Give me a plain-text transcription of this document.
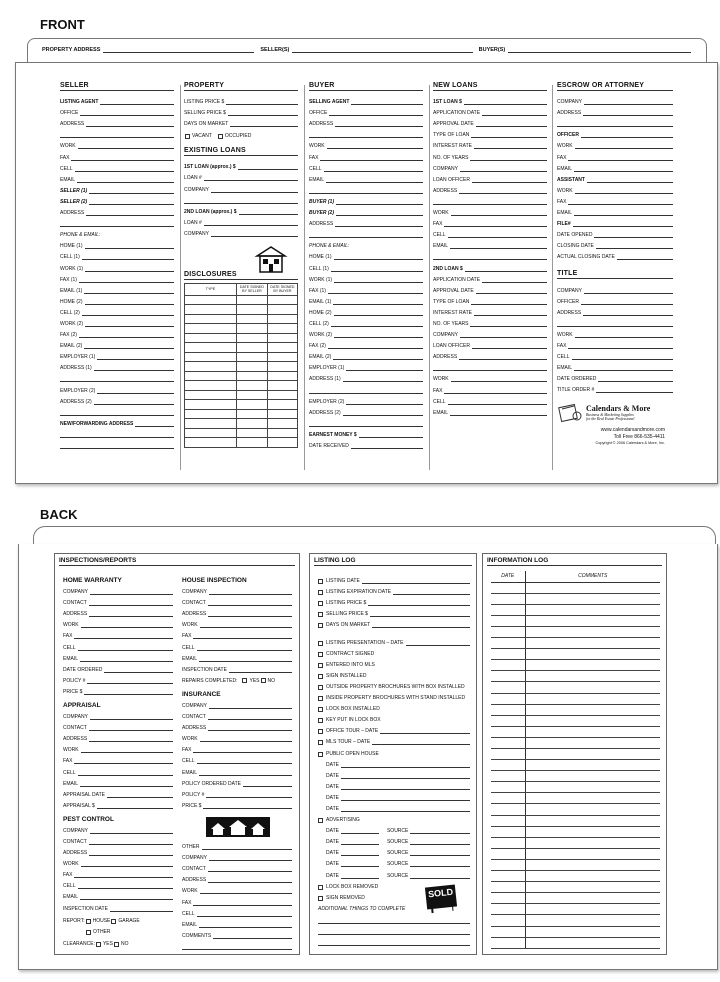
FRONT
PROPERTY ADDRESS	SELLER(S)	BUYER(S)
SELLER
LISTING AGENT
OFFICE
ADDRESS
WORK
FAX
CELL
EMAIL
SELLER (1)
SELLER (2)
ADDRESS
PHONE & EMAIL:
HOME (1)
CELL (1)
WORK (1)
FAX (1)
EMAIL (1)
HOME (2)
CELL (2)
WORK (2)
FAX (2)
EMAIL (2)
EMPLOYER (1)
ADDRESS (1)
EMPLOYER (2)
ADDRESS (2)
NEW/FORWARDING ADDRESS
PROPERTY
LISTING PRICE $
SELLING PRICE $
DAYS ON MARKET
VACANT	OCCUPIED
EXISTING LOANS
1ST LOAN (approx.) $
LOAN #
COMPANY
2ND LOAN (approx.) $
LOAN #
COMPANY
DISCLOSURES
TYPE	DATE SIGNED BY SELLER	DATE SIGNED BY BUYER

BUYER
SELLING AGENT
OFFICE
ADDRESS
WORK
FAX
CELL
EMAIL
BUYER (1)
BUYER (2)
ADDRESS
PHONE & EMAIL:
HOME (1)
CELL (1)
WORK (1)
FAX (1)
EMAIL (1)
HOME (2)
CELL (2)
WORK (2)
FAX (2)
EMAIL (2)
EMPLOYER (1)
ADDRESS (1)
EMPLOYER (2)
ADDRESS (2)
EARNEST MONEY $
DATE RECEIVED
NEW LOANS
1ST LOAN $
APPLICATION DATE
APPROVAL DATE
TYPE OF LOAN
INTEREST RATE
NO. OF YEARS
COMPANY
LOAN OFFICER
ADDRESS
WORK
FAX
CELL
EMAIL
2ND LOAN $
APPLICATION DATE
APPROVAL DATE
TYPE OF LOAN
INTEREST RATE
NO. OF YEARS
COMPANY
LOAN OFFICER
ADDRESS
WORK
FAX
CELL
EMAIL
ESCROW OR ATTORNEY
COMPANY
ADDRESS
OFFICER
WORK
FAX
EMAIL
ASSISTANT
WORK
FAX
EMAIL
FILE#
DATE OPENED
CLOSING DATE
ACTUAL CLOSING DATE
TITLE
COMPANY
OFFICER
ADDRESS
WORK
FAX
CELL
EMAIL
DATE ORDERED
TITLE ORDER #
Calendars & More
Business & Marketing Supplies
for the Real Estate Professional
www.calendarsandmore.com
Toll Free 866-535-4411
Copyright © 2006 Calendars & More, Inc.
BACK
INSPECTIONS/REPORTS
HOME WARRANTY
COMPANY
CONTACT
ADDRESS
WORK
FAX
CELL
EMAIL
DATE ORDERED
POLICY #
PRICE $
APPRAISAL
COMPANY
CONTACT
ADDRESS
WORK
FAX
CELL
EMAIL
APPRAISAL DATE
APPRAISAL $
PEST CONTROL
COMPANY
CONTACT
ADDRESS
WORK
FAX
CELL
EMAIL
INSPECTION DATE
REPORT: HOUSE GARAGE
OTHER
CLEARANCE: YES NO
HOUSE INSPECTION
COMPANY
CONTACT
ADDRESS
WORK
FAX
CELL
EMAIL
INSPECTION DATE
REPAIRS COMPLETED:	YES NO
INSURANCE
COMPANY
CONTACT
ADDRESS
WORK
FAX
CELL
EMAIL
POLICY ORDERED DATE
POLICY #
PRICE $
OTHER
COMPANY
CONTACT
ADDRESS
WORK
FAX
CELL
EMAIL
COMMENTS
LISTING LOG
LISTING DATE
LISTING EXPIRATION DATE
LISTING PRICE $
SELLING PRICE $
DAYS ON MARKET
LISTING PRESENTATION – DATE
CONTRACT SIGNED
ENTERED INTO MLS
SIGN INSTALLED
OUTSIDE PROPERTY BROCHURES WITH BOX INSTALLED
INSIDE PROPERTY BROCHURES WITH STAND INSTALLED
LOCK BOX INSTALLED
KEY PUT IN LOCK BOX
OFFICE TOUR – DATE
MLS TOUR – DATE
PUBLIC OPEN HOUSE
DATE
DATE
DATE
DATE
DATE
ADVERTISING
DATE	SOURCE
DATE	SOURCE
DATE	SOURCE
DATE	SOURCE
DATE	SOURCE
LOCK BOX REMOVED
SIGN REMOVED
ADDITIONAL THINGS TO COMPLETE
SOLD
INFORMATION LOG
DATE	COMMENTS
